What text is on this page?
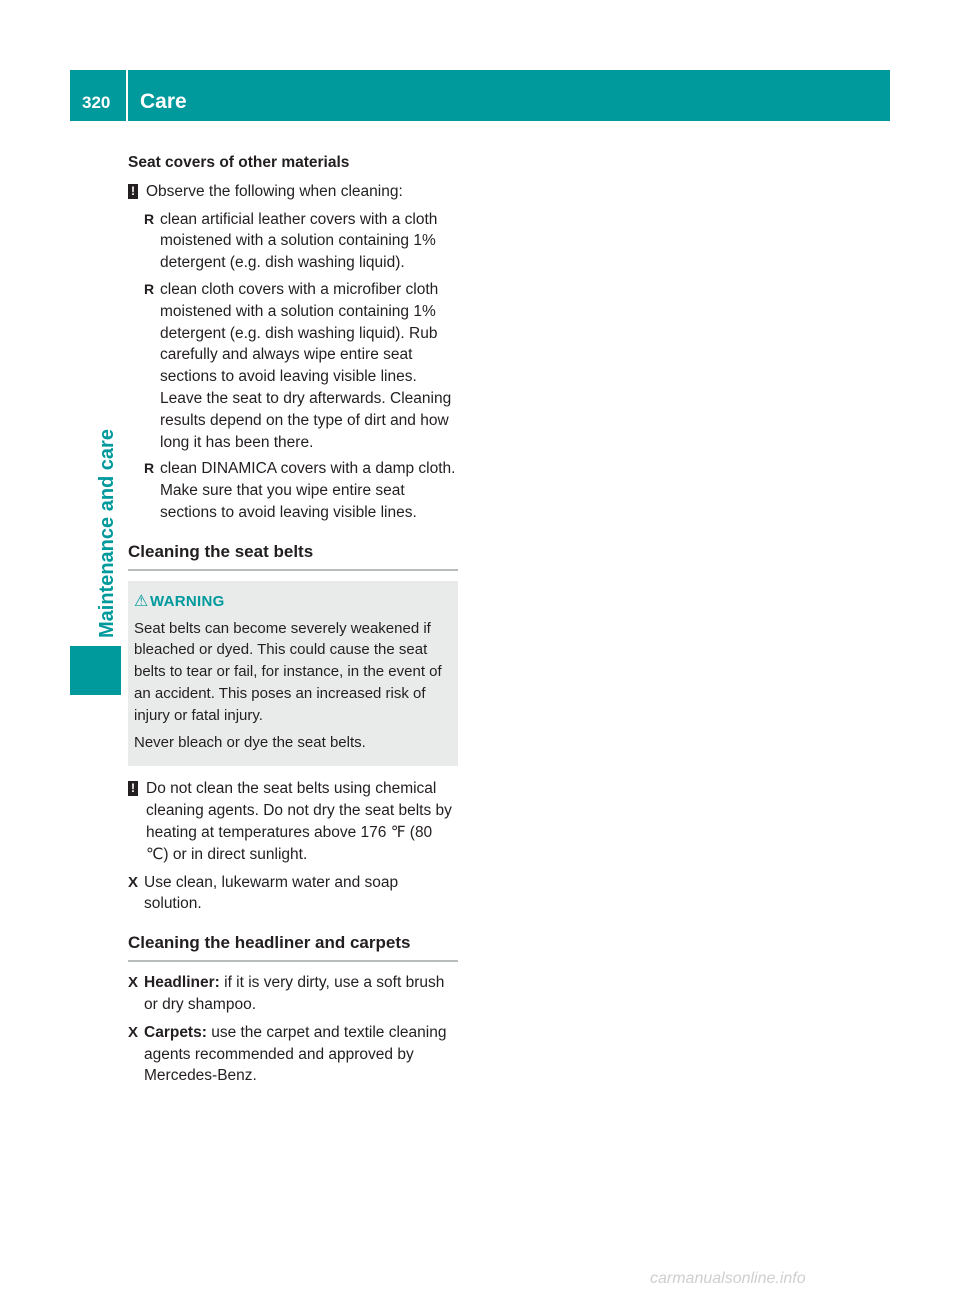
320 Care
Maintenance and care
Seat covers of other materials
! Observe the following when cleaning:
R clean artificial leather covers with a cloth moistened with a solution containing 1% detergent (e.g. dish washing liquid).
R clean cloth covers with a microfiber cloth moistened with a solution containing 1% detergent (e.g. dish washing liquid). Rub carefully and always wipe entire seat sections to avoid leaving visible lines. Leave the seat to dry afterwards. Cleaning results depend on the type of dirt and how long it has been there.
R clean DINAMICA covers with a damp cloth. Make sure that you wipe entire seat sections to avoid leaving visible lines.
Cleaning the seat belts
⚠ WARNING

Seat belts can become severely weakened if bleached or dyed. This could cause the seat belts to tear or fail, for instance, in the event of an accident. This poses an increased risk of injury or fatal injury.

Never bleach or dye the seat belts.

! Do not clean the seat belts using chemical cleaning agents. Do not dry the seat belts by heating at temperatures above 176 ℉ (80 ℃) or in direct sunlight.
X Use clean, lukewarm water and soap solution.
Cleaning the headliner and carpets
X Headliner: if it is very dirty, use a soft brush or dry shampoo.
X Carpets: use the carpet and textile cleaning agents recommended and approved by Mercedes-Benz.
carmanualsonline.info
